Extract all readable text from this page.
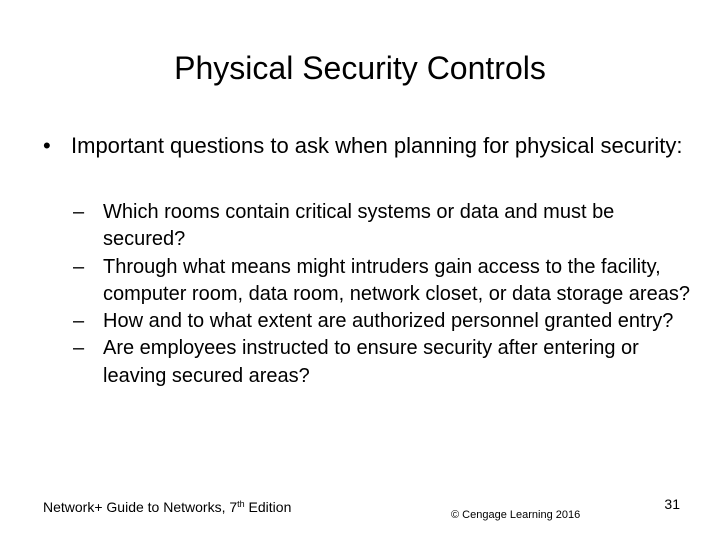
Physical Security Controls
• Important questions to ask when planning for physical security:
– Which rooms contain critical systems or data and must be secured?
– Through what means might intruders gain access to the facility, computer room, data room, network closet, or data storage areas?
– How and to what extent are authorized personnel granted entry?
– Are employees instructed to ensure security after entering or leaving secured areas?
Network+ Guide to Networks, 7th Edition	© Cengage Learning 2016
31
